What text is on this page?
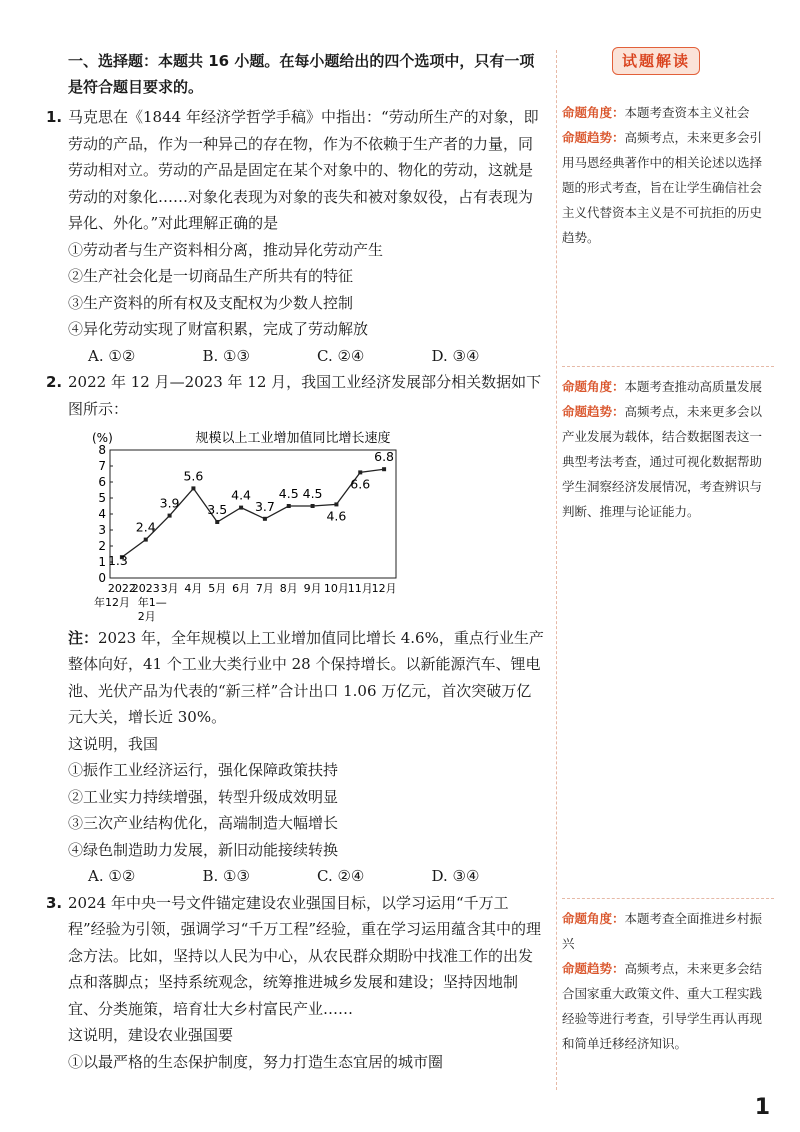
试题解读

一、选择题：本题共 16 小题。在每小题给出的四个选项中，只有一项是符合题目要求的。

1. 马克思在《1844 年经济学哲学手稿》中指出：“劳动所生产的对象，即劳动的产品，作为一种异己的存在物，作为不依赖于生产者的力量，同劳动相对立。劳动的产品是固定在某个对象中的、物化的劳动，这就是劳动的对象化……对象化表现为对象的丧失和被对象奴役，占有表现为异化、外化。”对此理解正确的是

①劳动者与生产资料相分离，推动异化劳动产生

②生产社会化是一切商品生产所共有的特征

③生产资料的所有权及支配权为少数人控制

④异化劳动实现了财富积累，完成了劳动解放

A. ①②	B. ①③	C. ②④	D. ③④
2. 2022 年 12 月—2023 年 12 月，我国工业经济发展部分相关数据如下图所示：

(%)	规模以上工业增加值同比增长速度
0
1
2
3
4
5
6
7
8
2022
2023 3月 4月 5月 6月 7月 8月 9月 10月
11月
12月
年12月 年1—
2月
1.3
2.4
3.9
5.6
3.5
4.4
3.7
4.5 4.5
4.6
6.6
6.8

注：2023 年，全年规模以上工业增加值同比增长 4.6%，重点行业生产整体向好，41 个工业大类行业中 28 个保持增长。以新能源汽车、锂电池、光伏产品为代表的“新三样”合计出口 1.06 万亿元，首次突破万亿元大关，增长近 30%。

这说明，我国

①振作工业经济运行，强化保障政策扶持

②工业实力持续增强，转型升级成效明显

③三次产业结构优化，高端制造大幅增长

④绿色制造助力发展，新旧动能接续转换

A. ①②	B. ①③	C. ②④	D. ③④
3. 2024 年中央一号文件锚定建设农业强国目标，以学习运用“千万工程”经验为引领，强调学习“千万工程”经验，重在学习运用蕴含其中的理念方法。比如，坚持以人民为中心，从农民群众期盼中找准工作的出发点和落脚点；坚持系统观念，统筹推进城乡发展和建设；坚持因地制宜、分类施策，培育壮大乡村富民产业……

这说明，建设农业强国要

①以最严格的生态保护制度，努力打造生态宜居的城市圈

命题角度：本题考查资本主义社会
命题趋势：高频考点，未来更多会引用马恩经典著作中的相关论述以选择题的形式考查，旨在让学生确信社会主义代替资本主义是不可抗拒的历史趋势。
命题角度：本题考查推动高质量发展
命题趋势：高频考点，未来更多会以产业发展为载体，结合数据图表这一典型考法考查，通过可视化数据帮助学生洞察经济发展情况，考查辨识与判断、推理与论证能力。
命题角度：本题考查全面推进乡村振兴
命题趋势：高频考点，未来更多会结合国家重大政策文件、重大工程实践经验等进行考查，引导学生再认再现和简单迁移经济知识。
1
